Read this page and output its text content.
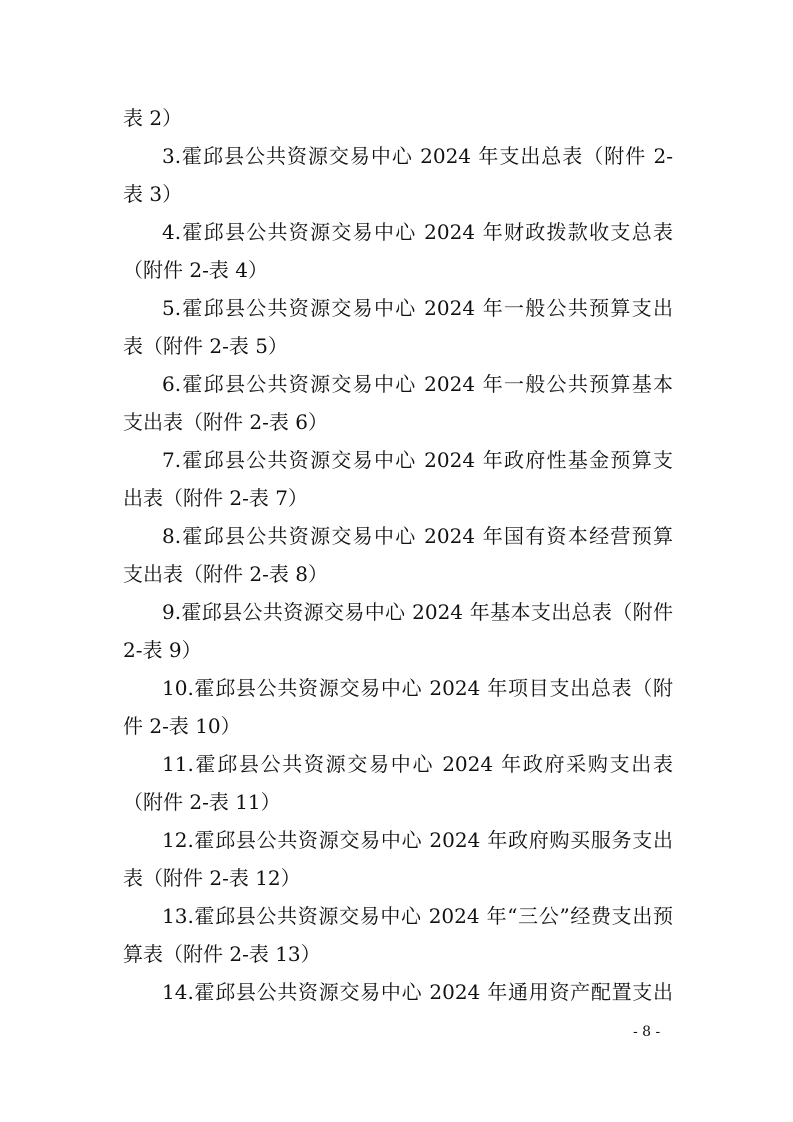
表 2）
3.霍邱县公共资源交易中心 2024 年支出总表（附件 2-
表 3）
4.霍邱县公共资源交易中心 2024 年财政拨款收支总表
（附件 2-表 4）
5.霍邱县公共资源交易中心 2024 年一般公共预算支出
表（附件 2-表 5）
6.霍邱县公共资源交易中心 2024 年一般公共预算基本
支出表（附件 2-表 6）
7.霍邱县公共资源交易中心 2024 年政府性基金预算支
出表（附件 2-表 7）
8.霍邱县公共资源交易中心 2024 年国有资本经营预算
支出表（附件 2-表 8）
9.霍邱县公共资源交易中心 2024 年基本支出总表（附件
2-表 9）
10.霍邱县公共资源交易中心 2024 年项目支出总表（附
件 2-表 10）
11.霍邱县公共资源交易中心 2024 年政府采购支出表
（附件 2-表 11）
12.霍邱县公共资源交易中心 2024 年政府购买服务支出
表（附件 2-表 12）
13.霍邱县公共资源交易中心 2024 年“三公”经费支出预
算表（附件 2-表 13）
14.霍邱县公共资源交易中心 2024 年通用资产配置支出
- 8 -
